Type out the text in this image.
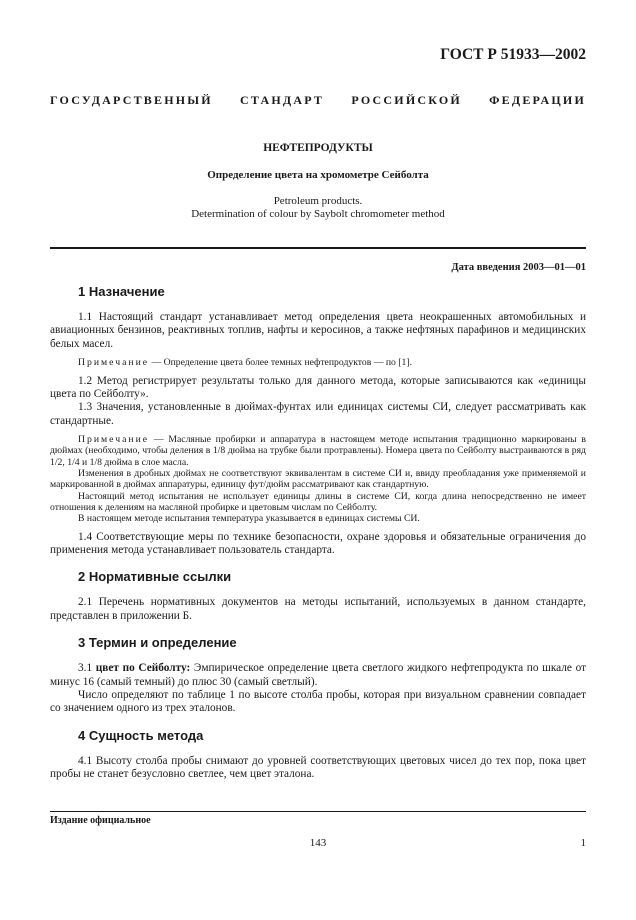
ГОСТ Р 51933—2002
ГОСУДАРСТВЕННЫЙ СТАНДАРТ РОССИЙСКОЙ ФЕДЕРАЦИИ
НЕФТЕПРОДУКТЫ
Определение цвета на хромометре Сейболта
Petroleum products.
Determination of colour by Saybolt chromometer method
Дата введения 2003—01—01
1 Назначение

1.1 Настоящий стандарт устанавливает метод определения цвета неокрашенных автомобильных и авиационных бензинов, реактивных топлив, нафты и керосинов, а также нефтяных парафинов и медицинских белых масел.

Примечание — Определение цвета более темных нефтепродуктов — по [1].

1.2 Метод регистрирует результаты только для данного метода, которые записываются как «единицы цвета по Сейболту».

1.3 Значения, установленные в дюймах-фунтах или единицах системы СИ, следует рассматривать как стандартные.

Примечание — Масляные пробирки и аппаратура в настоящем методе испытания традиционно маркированы в дюймах (необходимо, чтобы деления в 1/8 дюйма на трубке были протравлены). Номера цвета по Сейболту выстраиваются в ряд 1/2, 1/4 и 1/8 дюйма в слое масла.

Изменения в дробных дюймах не соответствуют эквивалентам в системе СИ и, ввиду преобладания уже применяемой и маркированной в дюймах аппаратуры, единицу фут/дюйм рассматривают как стандартную.

Настоящий метод испытания не использует единицы длины в системе СИ, когда длина непосредственно не имеет отношения к делениям на масляной пробирке и цветовым числам по Сейболту.

В настоящем методе испытания температура указывается в единицах системы СИ.

1.4 Соответствующие меры по технике безопасности, охране здоровья и обязательные ограничения до применения метода устанавливает пользователь стандарта.

2 Нормативные ссылки

2.1 Перечень нормативных документов на методы испытаний, используемых в данном стандарте, представлен в приложении Б.

3 Термин и определение

3.1 цвет по Сейболту: Эмпирическое определение цвета светлого жидкого нефтепродукта по шкале от минус 16 (самый темный) до плюс 30 (самый светлый).

Число определяют по таблице 1 по высоте столба пробы, которая при визуальном сравнении совпадает со значением одного из трех эталонов.

4 Сущность метода

4.1 Высоту столба пробы снимают до уровней соответствующих цветовых чисел до тех пор, пока цвет пробы не станет безусловно светлее, чем цвет эталона.

Издание официальное
143	1
